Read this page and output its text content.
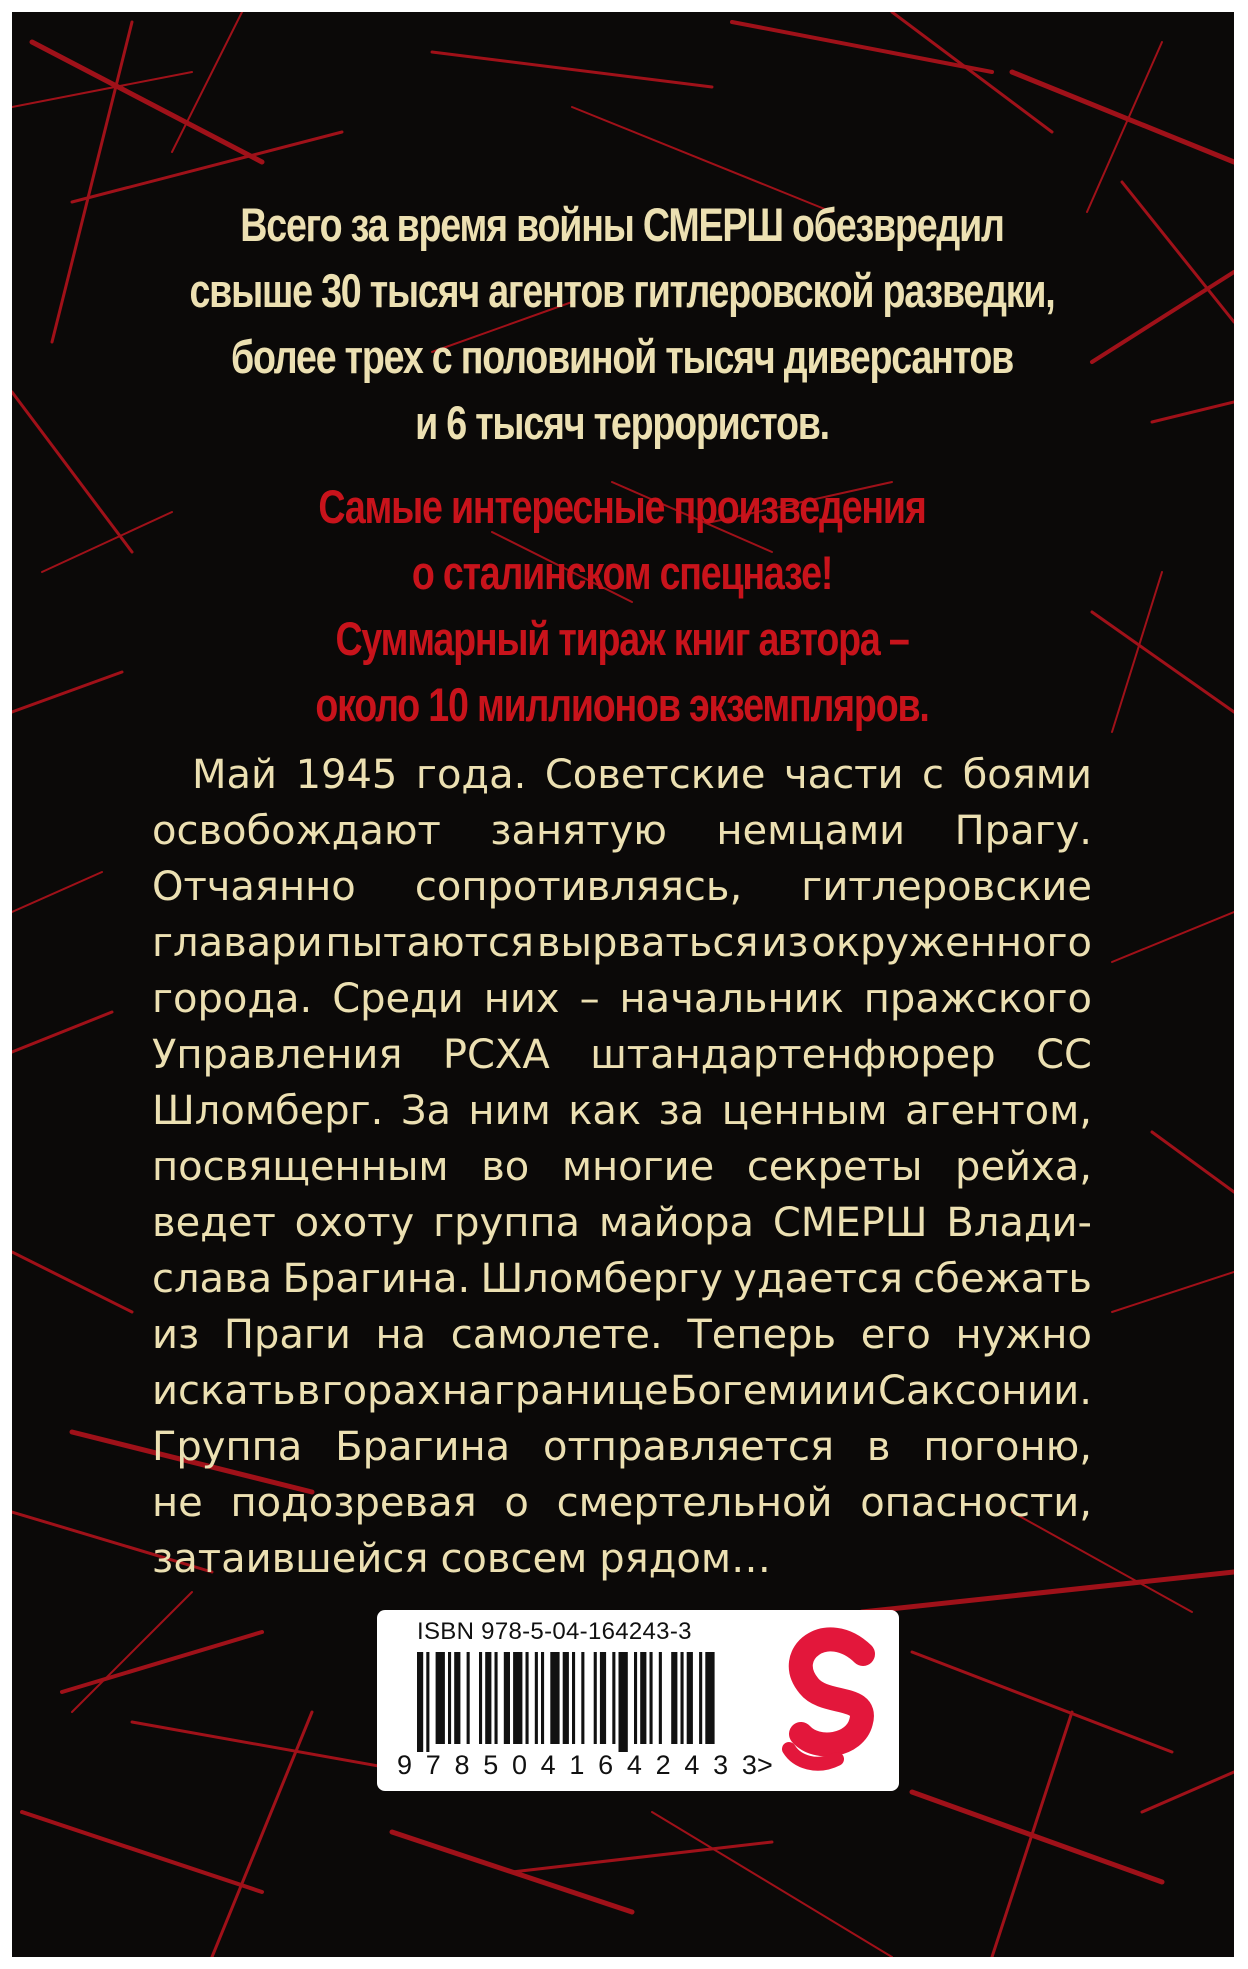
Всего за время войны СМЕРШ обезвредил
свыше 30 тысяч агентов гитлеровской разведки,
более трех с половиной тысяч диверсантов
и 6 тысяч террористов.
Самые интересные произведения
о сталинском спецназе!
Суммарный тираж книг автора –
около 10 миллионов экземпляров.
Май 1945 года. Советские части с боями
освобождают занятую немцами Прагу.
Отчаянно сопротивляясь, гитлеровские
главари пытаются вырваться из окруженного
города. Среди них – начальник пражского
Управления РСХА штандартенфюрер СС
Шломберг. За ним как за ценным агентом,
посвященным во многие секреты рейха,
ведет охоту группа майора СМЕРШ Влади-
слава Брагина. Шломбергу удается сбежать
из Праги на самолете. Теперь его нужно
искать в горах на границе Богемии и Саксонии.
Группа Брагина отправляется в погоню,
не подозревая о смертельной опасности,
затаившейся совсем рядом…
ISBN 978-5-04-164243-3
9 7 8 5 0 4 1 6 4 2 4 3 3 >
